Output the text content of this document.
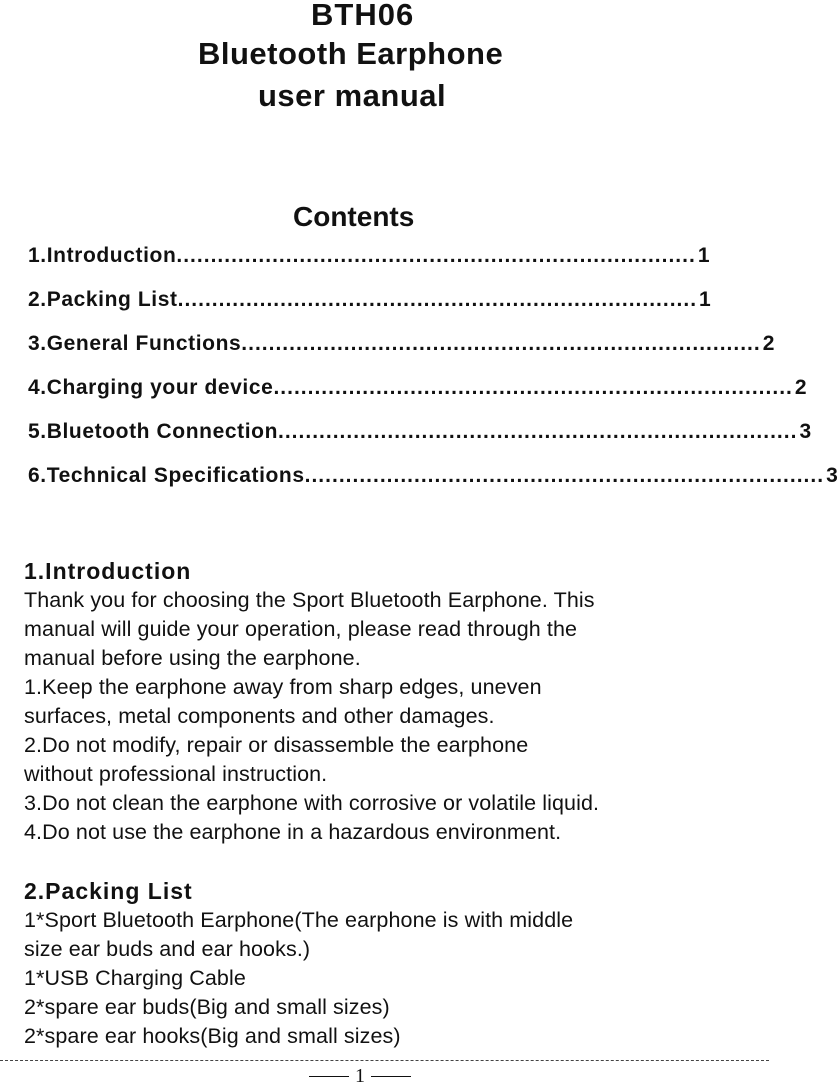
BTH06
Bluetooth Earphone
user manual
Contents
1.Introduction ............................................................................ 1
2.Packing List ............................................................................ 1
3.General Functions ............................................................................ 2
4.Charging your device ............................................................................ 2
5.Bluetooth Connection ............................................................................ 3
6.Technical Specifications ............................................................................ 3
1.Introduction
Thank you for choosing the Sport Bluetooth Earphone. This
manual will guide your operation, please read through the
manual before using the earphone.
1.Keep the earphone away from sharp edges, uneven
surfaces, metal components and other damages.
2.Do not modify, repair or disassemble the earphone
without professional instruction.
3.Do not clean the earphone with corrosive or volatile liquid.
4.Do not use the earphone in a hazardous environment.
2.Packing List
1*Sport Bluetooth Earphone(The earphone is with middle
size ear buds and ear hooks.)
1*USB Charging Cable
2*spare ear buds(Big and small sizes)
2*spare ear hooks(Big and small sizes)
1
